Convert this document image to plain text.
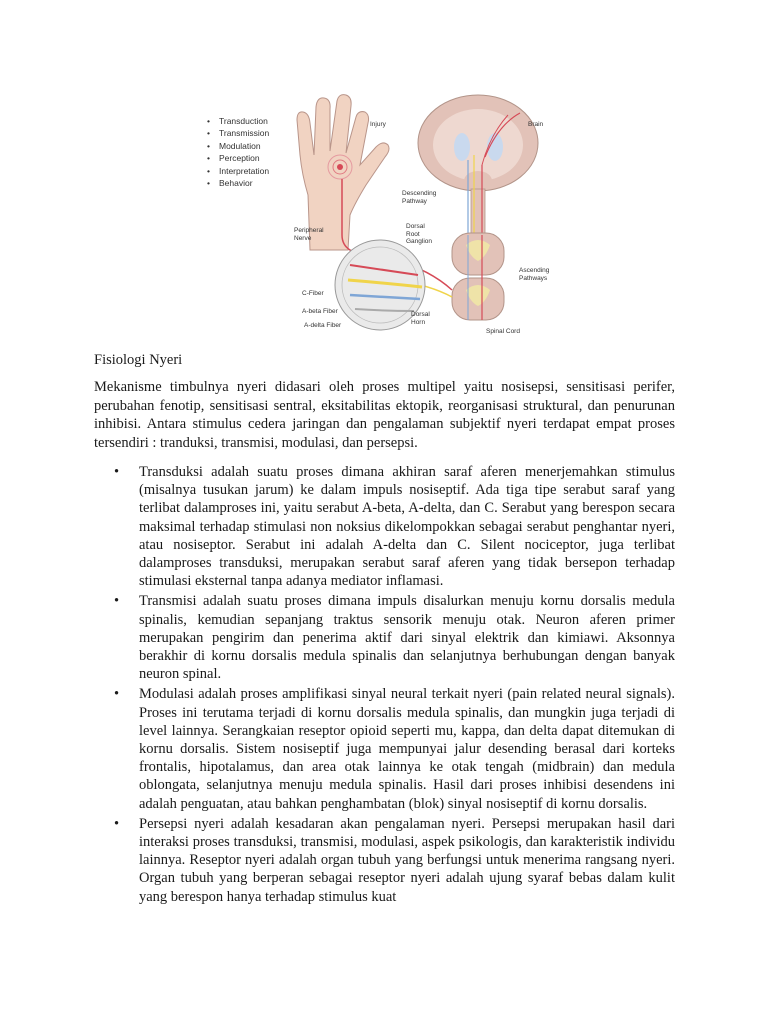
• Transduction
• Transmission
• Modulation
• Perception
• Interpretation
• Behavior
Injury	Brain
Descending
Pathway
Peripheral
Nerve
Dorsal
Root
Ganglion
Ascending
Pathways
C-Fiber
A-beta Fiber
A-delta Fiber
Dorsal
Horn
Spinal Cord
Fisiologi Nyeri

Mekanisme timbulnya nyeri didasari oleh proses multipel yaitu nosisepsi, sensitisasi perifer, perubahan fenotip, sensitisasi sentral, eksitabilitas ektopik, reorganisasi struktural, dan penurunan inhibisi. Antara stimulus cedera jaringan dan pengalaman subjektif nyeri terdapat empat proses tersendiri : tranduksi, transmisi, modulasi, dan persepsi.

• Transduksi adalah suatu proses dimana akhiran saraf aferen menerjemahkan stimulus (misalnya tusukan jarum) ke dalam impuls nosiseptif. Ada tiga tipe serabut saraf yang terlibat dalamproses ini, yaitu serabut A-beta, A-delta, dan C. Serabut yang berespon secara maksimal terhadap stimulasi non noksius dikelompokkan sebagai serabut penghantar nyeri, atau nosiseptor. Serabut ini adalah A-delta dan C. Silent nociceptor, juga terlibat dalamproses transduksi, merupakan serabut saraf aferen yang tidak bersepon terhadap stimulasi eksternal tanpa adanya mediator inflamasi.
• Transmisi adalah suatu proses dimana impuls disalurkan menuju kornu dorsalis medula spinalis, kemudian sepanjang traktus sensorik menuju otak. Neuron aferen primer merupakan pengirim dan penerima aktif dari sinyal elektrik dan kimiawi. Aksonnya berakhir di kornu dorsalis medula spinalis dan selanjutnya berhubungan dengan banyak neuron spinal.
• Modulasi adalah proses amplifikasi sinyal neural terkait nyeri (pain related neural signals). Proses ini terutama terjadi di kornu dorsalis medula spinalis, dan mungkin juga terjadi di level lainnya. Serangkaian reseptor opioid seperti mu, kappa, dan delta dapat ditemukan di kornu dorsalis. Sistem nosiseptif juga mempunyai jalur desending berasal dari korteks frontalis, hipotalamus, dan area otak lainnya ke otak tengah (midbrain) dan medula oblongata, selanjutnya menuju medula spinalis. Hasil dari proses inhibisi desendens ini adalah penguatan, atau bahkan penghambatan (blok) sinyal nosiseptif di kornu dorsalis.
• Persepsi nyeri adalah kesadaran akan pengalaman nyeri. Persepsi merupakan hasil dari interaksi proses transduksi, transmisi, modulasi, aspek psikologis, dan karakteristik individu lainnya. Reseptor nyeri adalah organ tubuh yang berfungsi untuk menerima rangsang nyeri. Organ tubuh yang berperan sebagai reseptor nyeri adalah ujung syaraf bebas dalam kulit yang berespon hanya terhadap stimulus kuat
